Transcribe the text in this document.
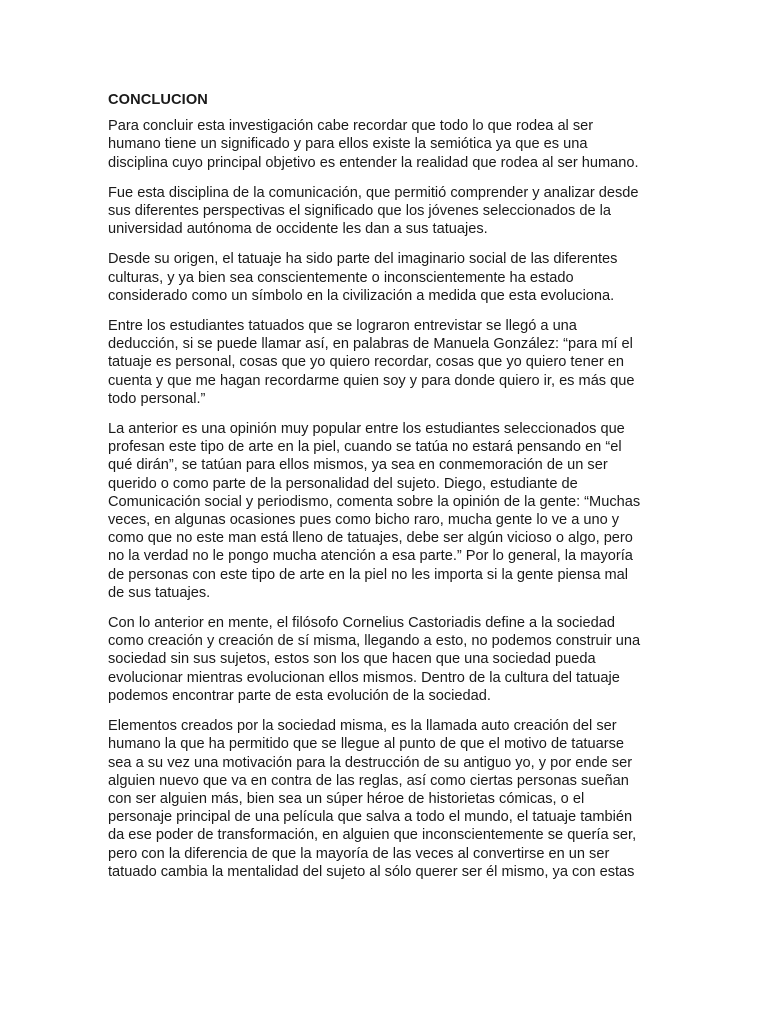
CONCLUCION

Para concluir esta investigación cabe recordar que todo lo que rodea al ser
humano tiene un significado y para ellos existe la semiótica ya que es una
disciplina cuyo principal objetivo es entender la realidad que rodea al ser humano.

Fue esta disciplina de la comunicación, que permitió comprender y analizar desde
sus diferentes perspectivas el significado que los jóvenes seleccionados de la
universidad autónoma de occidente les dan a sus tatuajes.

Desde su origen, el tatuaje ha sido parte del imaginario social de las diferentes
culturas, y ya bien sea conscientemente o inconscientemente ha estado
considerado como un símbolo en la civilización a medida que esta evoluciona.

Entre los estudiantes tatuados que se lograron entrevistar se llegó a una
deducción, si se puede llamar así, en palabras de Manuela González: “para mí el
tatuaje es personal, cosas que yo quiero recordar, cosas que yo quiero tener en
cuenta y que me hagan recordarme quien soy y para donde quiero ir, es más que
todo personal.”

La anterior es una opinión muy popular entre los estudiantes seleccionados que
profesan este tipo de arte en la piel, cuando se tatúa no estará pensando en “el
qué dirán”, se tatúan para ellos mismos, ya sea en conmemoración de un ser
querido o como parte de la personalidad del sujeto. Diego, estudiante de
Comunicación social y periodismo, comenta sobre la opinión de la gente: “Muchas
veces, en algunas ocasiones pues como bicho raro, mucha gente lo ve a uno y
como que no este man está lleno de tatuajes, debe ser algún vicioso o algo, pero
no la verdad no le pongo mucha atención a esa parte.” Por lo general, la mayoría
de personas con este tipo de arte en la piel no les importa si la gente piensa mal
de sus tatuajes.

Con lo anterior en mente, el filósofo Cornelius Castoriadis define a la sociedad
como creación y creación de sí misma, llegando a esto, no podemos construir una
sociedad sin sus sujetos, estos son los que hacen que una sociedad pueda
evolucionar mientras evolucionan ellos mismos. Dentro de la cultura del tatuaje
podemos encontrar parte de esta evolución de la sociedad.

Elementos creados por la sociedad misma, es la llamada auto creación del ser
humano la que ha permitido que se llegue al punto de que el motivo de tatuarse
sea a su vez una motivación para la destrucción de su antiguo yo, y por ende ser
alguien nuevo que va en contra de las reglas, así como ciertas personas sueñan
con ser alguien más, bien sea un súper héroe de historietas cómicas, o el
personaje principal de una película que salva a todo el mundo, el tatuaje también
da ese poder de transformación, en alguien que inconscientemente se quería ser,
pero con la diferencia de que la mayoría de las veces al convertirse en un ser
tatuado cambia la mentalidad del sujeto al sólo querer ser él mismo, ya con estas
